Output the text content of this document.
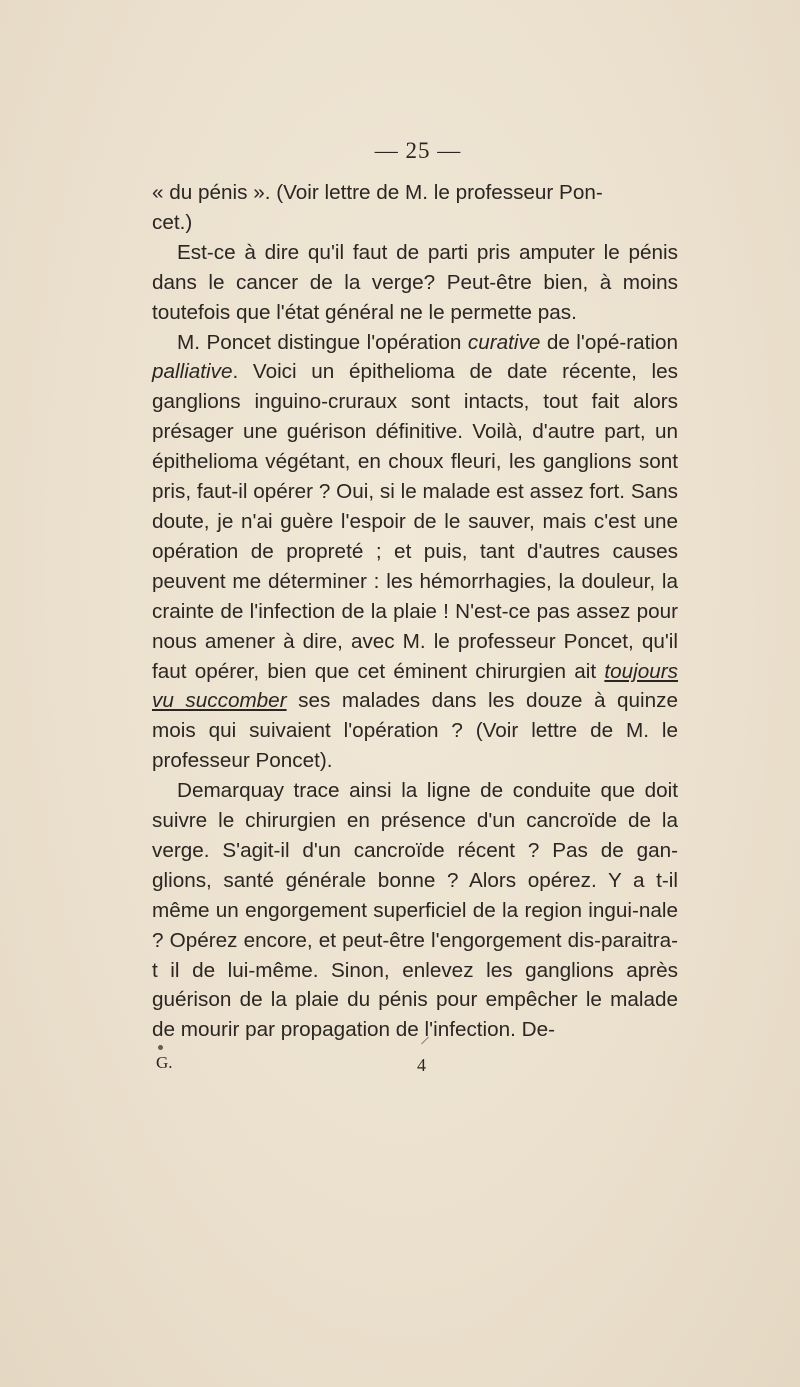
— 25 —

« du pénis ». (Voir lettre de M. le professeur Pon-
cet.)

Est-ce à dire qu'il faut de parti pris amputer le pénis dans le cancer de la verge? Peut-être bien, à moins toutefois que l'état général ne le permette pas.

M. Poncet distingue l'opération curative de l'opé-ration palliative. Voici un épithelioma de date récente, les ganglions inguino-cruraux sont intacts, tout fait alors présager une guérison définitive. Voilà, d'autre part, un épithelioma végétant, en choux fleuri, les ganglions sont pris, faut-il opérer ? Oui, si le malade est assez fort. Sans doute, je n'ai guère l'espoir de le sauver, mais c'est une opération de propreté ; et puis, tant d'autres causes peuvent me déterminer : les hémorrhagies, la douleur, la crainte de l'infection de la plaie ! N'est-ce pas assez pour nous amener à dire, avec M. le professeur Poncet, qu'il faut opérer, bien que cet éminent chirurgien ait toujours vu succomber ses malades dans les douze à quinze mois qui suivaient l'opération ? (Voir lettre de M. le professeur Poncet).

Demarquay trace ainsi la ligne de conduite que doit suivre le chirurgien en présence d'un cancroïde de la verge. S'agit-il d'un cancroïde récent ? Pas de gan-glions, santé générale bonne ? Alors opérez. Y a t-il même un engorgement superficiel de la region ingui-nale ? Opérez encore, et peut-être l'engorgement dis-paraitra-t il de lui-même. Sinon, enlevez les ganglions après guérison de la plaie du pénis pour empêcher le malade de mourir par propagation de l'infection. De-

G.	4
